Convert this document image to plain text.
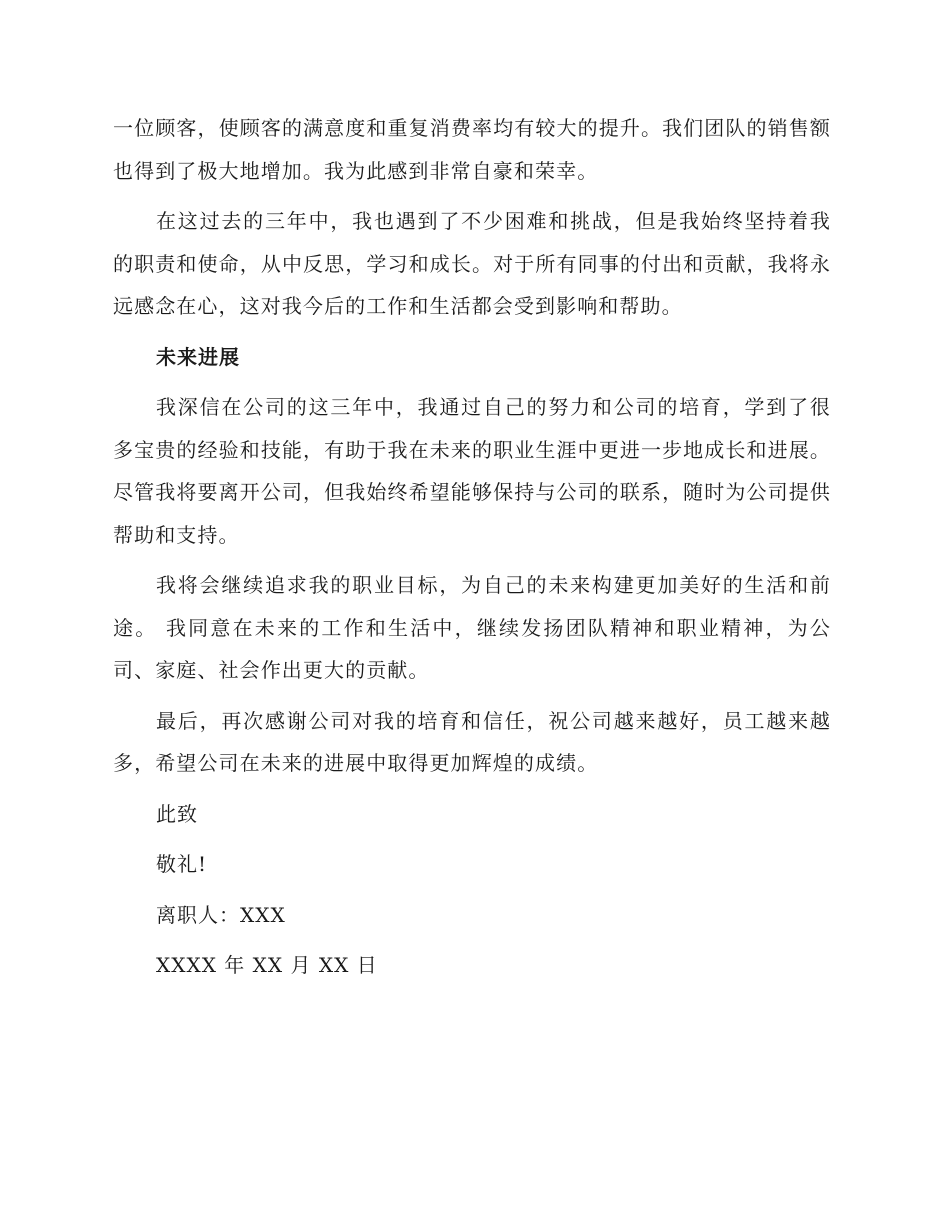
一位顾客，使顾客的满意度和重复消费率均有较大的提升。我们团队的销售额也得到了极大地增加。我为此感到非常自豪和荣幸。

在这过去的三年中，我也遇到了不少困难和挑战，但是我始终坚持着我的职责和使命，从中反思，学习和成长。对于所有同事的付出和贡献，我将永远感念在心，这对我今后的工作和生活都会受到影响和帮助。

未来进展

我深信在公司的这三年中，我通过自己的努力和公司的培育，学到了很多宝贵的经验和技能，有助于我在未来的职业生涯中更进一步地成长和进展。尽管我将要离开公司，但我始终希望能够保持与公司的联系，随时为公司提供帮助和支持。

我将会继续追求我的职业目标，为自己的未来构建更加美好的生活和前途。 我同意在未来的工作和生活中，继续发扬团队精神和职业精神，为公司、家庭、社会作出更大的贡献。

最后，再次感谢公司对我的培育和信任，祝公司越来越好，员工越来越多，希望公司在未来的进展中取得更加辉煌的成绩。

此致

敬礼!

离职人：XXX

XXXX 年 XX 月 XX 日
